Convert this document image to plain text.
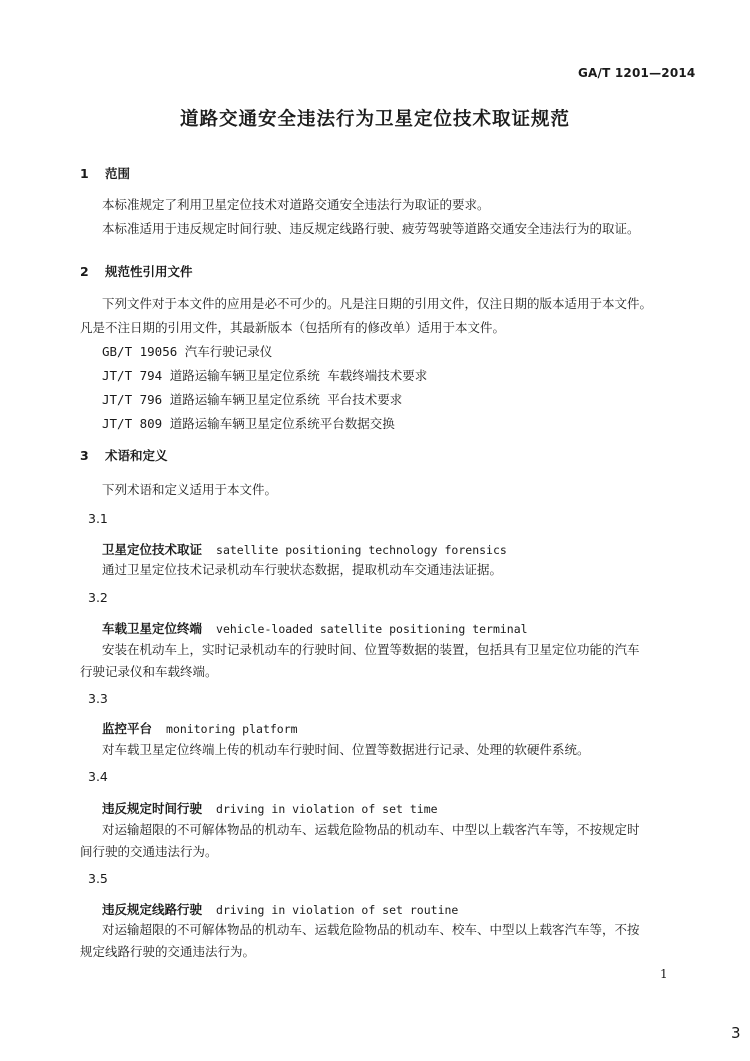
GA/T 1201—2014
道路交通安全违法行为卫星定位技术取证规范
1 范围
本标准规定了利用卫星定位技术对道路交通安全违法行为取证的要求。
本标准适用于违反规定时间行驶、违反规定线路行驶、疲劳驾驶等道路交通安全违法行为的取证。
2 规范性引用文件
下列文件对于本文件的应用是必不可少的。凡是注日期的引用文件，仅注日期的版本适用于本文件。
凡是不注日期的引用文件，其最新版本（包括所有的修改单）适用于本文件。
GB/T 19056 汽车行驶记录仪
JT/T 794 道路运输车辆卫星定位系统 车载终端技术要求
JT/T 796 道路运输车辆卫星定位系统 平台技术要求
JT/T 809 道路运输车辆卫星定位系统平台数据交换
3 术语和定义
下列术语和定义适用于本文件。
3.1
卫星定位技术取证 satellite positioning technology forensics
通过卫星定位技术记录机动车行驶状态数据，提取机动车交通违法证据。
3.2
车载卫星定位终端 vehicle-loaded satellite positioning terminal
安装在机动车上，实时记录机动车的行驶时间、位置等数据的装置，包括具有卫星定位功能的汽车
行驶记录仪和车载终端。
3.3
监控平台 monitoring platform
对车载卫星定位终端上传的机动车行驶时间、位置等数据进行记录、处理的软硬件系统。
3.4
违反规定时间行驶 driving in violation of set time
对运输超限的不可解体物品的机动车、运载危险物品的机动车、中型以上载客汽车等，不按规定时
间行驶的交通违法行为。
3.5
违反规定线路行驶 driving in violation of set routine
对运输超限的不可解体物品的机动车、运载危险物品的机动车、校车、中型以上载客汽车等，不按
规定线路行驶的交通违法行为。
1
3
